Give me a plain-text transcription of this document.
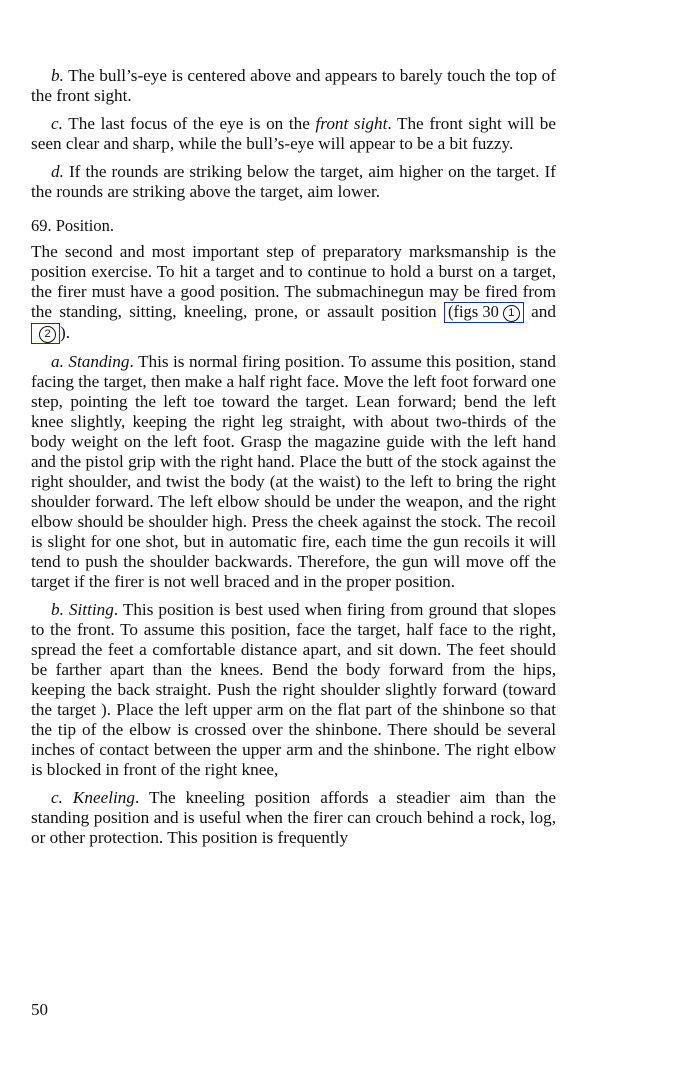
b. The bull’s-eye is centered above and appears to barely touch the top of the front sight.

c. The last focus of the eye is on the front sight. The front sight will be seen clear and sharp, while the bull’s-eye will appear to be a bit fuzzy.

d. If the rounds are striking below the target, aim higher on the target. If the rounds are striking above the target, aim lower.

69. Position.

The second and most important step of preparatory marksmanship is the position exercise. To hit a target and to continue to hold a burst on a target, the firer must have a good position. The submachinegun may be fired from the standing, sitting, kneeling, prone, or assault position (figs 30 1 and 2 ).

a. Standing. This is normal firing position. To assume this position, stand facing the target, then make a half right face. Move the left foot forward one step, pointing the left toe toward the target. Lean forward; bend the left knee slightly, keeping the right leg straight, with about two-thirds of the body weight on the left foot. Grasp the magazine guide with the left hand and the pistol grip with the right hand. Place the butt of the stock against the right shoulder, and twist the body (at the waist) to the left to bring the right shoulder forward. The left elbow should be under the weapon, and the right elbow should be shoulder high. Press the cheek against the stock. The recoil is slight for one shot, but in automatic fire, each time the gun recoils it will tend to push the shoulder backwards. Therefore, the gun will move off the target if the firer is not well braced and in the proper position.

b. Sitting. This position is best used when firing from ground that slopes to the front. To assume this position, face the target, half face to the right, spread the feet a comfortable distance apart, and sit down. The feet should be farther apart than the knees. Bend the body forward from the hips, keeping the back straight. Push the right shoulder slightly forward (toward the target ). Place the left upper arm on the flat part of the shinbone so that the tip of the elbow is crossed over the shinbone. There should be several inches of contact between the upper arm and the shinbone. The right elbow is blocked in front of the right knee,

c. Kneeling. The kneeling position affords a steadier aim than the standing position and is useful when the firer can crouch behind a rock, log, or other protection. This position is frequently

50
